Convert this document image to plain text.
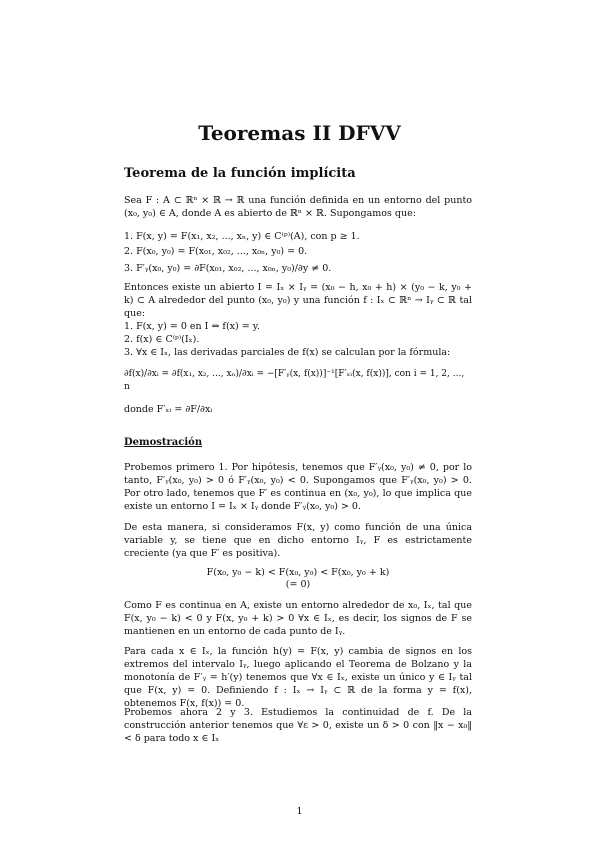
Teoremas II DFVV
Teorema de la función implícita
Sea F : A ⊂ ℝⁿ × ℝ → ℝ una función definida en un entorno del punto (x₀, y₀) ∈ A, donde A es abierto de ℝⁿ × ℝ. Supongamos que:
1. F(x, y) = F(x₁, x₂, ..., xₙ, y) ∈ C⁽ᵖ⁾(A), con p ≥ 1.
2. F(x₀, y₀) = F(x₀₁, x₀₂, ..., x₀ₙ, y₀) = 0.
3. F′ᵧ(x₀, y₀) = ∂F(x₀₁, x₀₂, ..., x₀ₙ, y₀)/∂y ≠ 0.
Entonces existe un abierto I = Iₓ × Iᵧ = (x₀ − h, x₀ + h) × (y₀ − k, y₀ + k) ⊂ A alrededor del punto (x₀, y₀) y una función f : Iₓ ⊂ ℝⁿ → Iᵧ ⊂ ℝ tal que:
1. F(x, y) = 0 en I ⇔ f(x) = y.
2. f(x) ∈ C⁽ᵖ⁾(Iₓ).
3. ∀x ∈ Iₓ, las derivadas parciales de f(x) se calculan por la fórmula:
∂f(x)/∂xᵢ = ∂f(x₁, x₂, ..., xₙ)/∂xᵢ = −[F′ᵧ(x, f(x))]⁻¹[F′ₓᵢ(x, f(x))], con i = 1, 2, ..., n
donde F′ₓᵢ = ∂F/∂xᵢ
Demostración
Probemos primero 1. Por hipótesis, tenemos que F′ᵧ(x₀, y₀) ≠ 0, por lo tanto, F′ᵧ(x₀, y₀) > 0 ó F′ᵧ(x₀, y₀) < 0. Supongamos que F′ᵧ(x₀, y₀) > 0. Por otro lado, tenemos que F′ es continua en (x₀, y₀), lo que implica que existe un entorno I = Iₓ × Iᵧ donde F′ᵧ(x₀, y₀) > 0.
De esta manera, si consideramos F(x, y) como función de una única variable y, se tiene que en dicho entorno Iᵧ, F es estrictamente creciente (ya que F′ es positiva).
F(x₀, y₀ − k) < F(x₀, y₀) < F(x₀, y₀ + k)
(= 0)
Como F es continua en A, existe un entorno alrededor de x₀, Iₓ, tal que F(x, y₀ − k) < 0 y F(x, y₀ + k) > 0 ∀x ∈ Iₓ, es decir, los signos de F se mantienen en un entorno de cada punto de Iᵧ.
Para cada x ∈ Iₓ, la función h(y) = F(x, y) cambia de signos en los extremos del intervalo Iᵧ, luego aplicando el Teorema de Bolzano y la monotonía de F′ᵧ = h′(y) tenemos que ∀x ∈ Iₓ, existe un único y ∈ Iᵧ tal que F(x, y) = 0. Definiendo f : Iₓ → Iᵧ ⊂ ℝ de la forma y = f(x), obtenemos F(x, f(x)) = 0.
Probemos ahora 2 y 3. Estudiemos la continuidad de f. De la construcción anterior tenemos que ∀ε > 0, existe un δ > 0 con ‖x − x₀‖ < δ para todo x ∈ Iₓ
1
